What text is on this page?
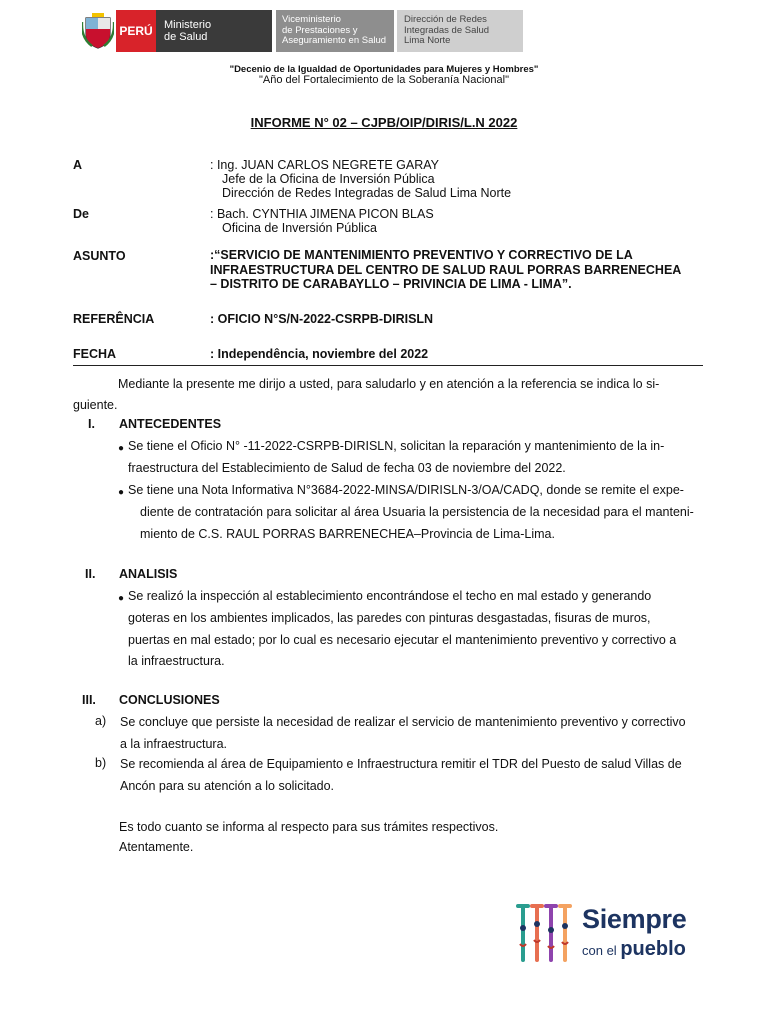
PERÚ	Ministerio
de Salud
Viceministerio
de Prestaciones y
Aseguramiento en Salud
Dirección de Redes
Integradas de Salud
Lima Norte
"Decenio de la Igualdad de Oportunidades para Mujeres y Hombres"
"Año del Fortalecimiento de la Soberanía Nacional"
INFORME N° 02 – CJPB/OIP/DIRIS/L.N 2022
A	: Ing. JUAN CARLOS NEGRETE GARAY
Jefe de la Oficina de Inversión Pública
Dirección de Redes Integradas de Salud Lima Norte
De	: Bach. CYNTHIA JIMENA PICON BLAS
Oficina de Inversión Pública
ASUNTO	:“SERVICIO DE MANTENIMIENTO PREVENTIVO Y CORRECTIVO DE LA
INFRAESTRUCTURA DEL CENTRO DE SALUD RAUL PORRAS BARRENECHEA
– DISTRITO DE CARABAYLLO – PRIVINCIA DE LIMA - LIMA”.
REFERÊNCIA	: OFICIO N°S/N-2022-CSRPB-DIRISLN
FECHA	: Independência, noviembre del 2022
Mediante la presente me dirijo a usted, para saludarlo y en atención a la referencia se indica lo si-
guiente.
I. ANTECEDENTES
● Se tiene el Oficio N° -11-2022-CSRPB-DIRISLN, solicitan la reparación y mantenimiento de la in-
fraestructura del Establecimiento de Salud de fecha 03 de noviembre del 2022.
● Se tiene una Nota Informativa N°3684-2022-MINSA/DIRISLN-3/OA/CADQ, donde se remite el expe-
diente de contratación para solicitar al área Usuaria la persistencia de la necesidad para el manteni-
miento de C.S. RAUL PORRAS BARRENECHEA–Provincia de Lima-Lima.
II. ANALISIS
● Se realizó la inspección al establecimiento encontrándose el techo en mal estado y generando
goteras en los ambientes implicados, las paredes con pinturas desgastadas, fisuras de muros,
puertas en mal estado; por lo cual es necesario ejecutar el mantenimiento preventivo y correctivo a
la infraestructura.
III. CONCLUSIONES
a) Se concluye que persiste la necesidad de realizar el servicio de mantenimiento preventivo y correctivo
a la infraestructura.
b) Se recomienda al área de Equipamiento e Infraestructura remitir el TDR del Puesto de salud Villas de
Ancón para su atención a lo solicitado.
Es todo cuanto se informa al respecto para sus trámites respectivos.
Atentamente.
Siempre
con el pueblo
